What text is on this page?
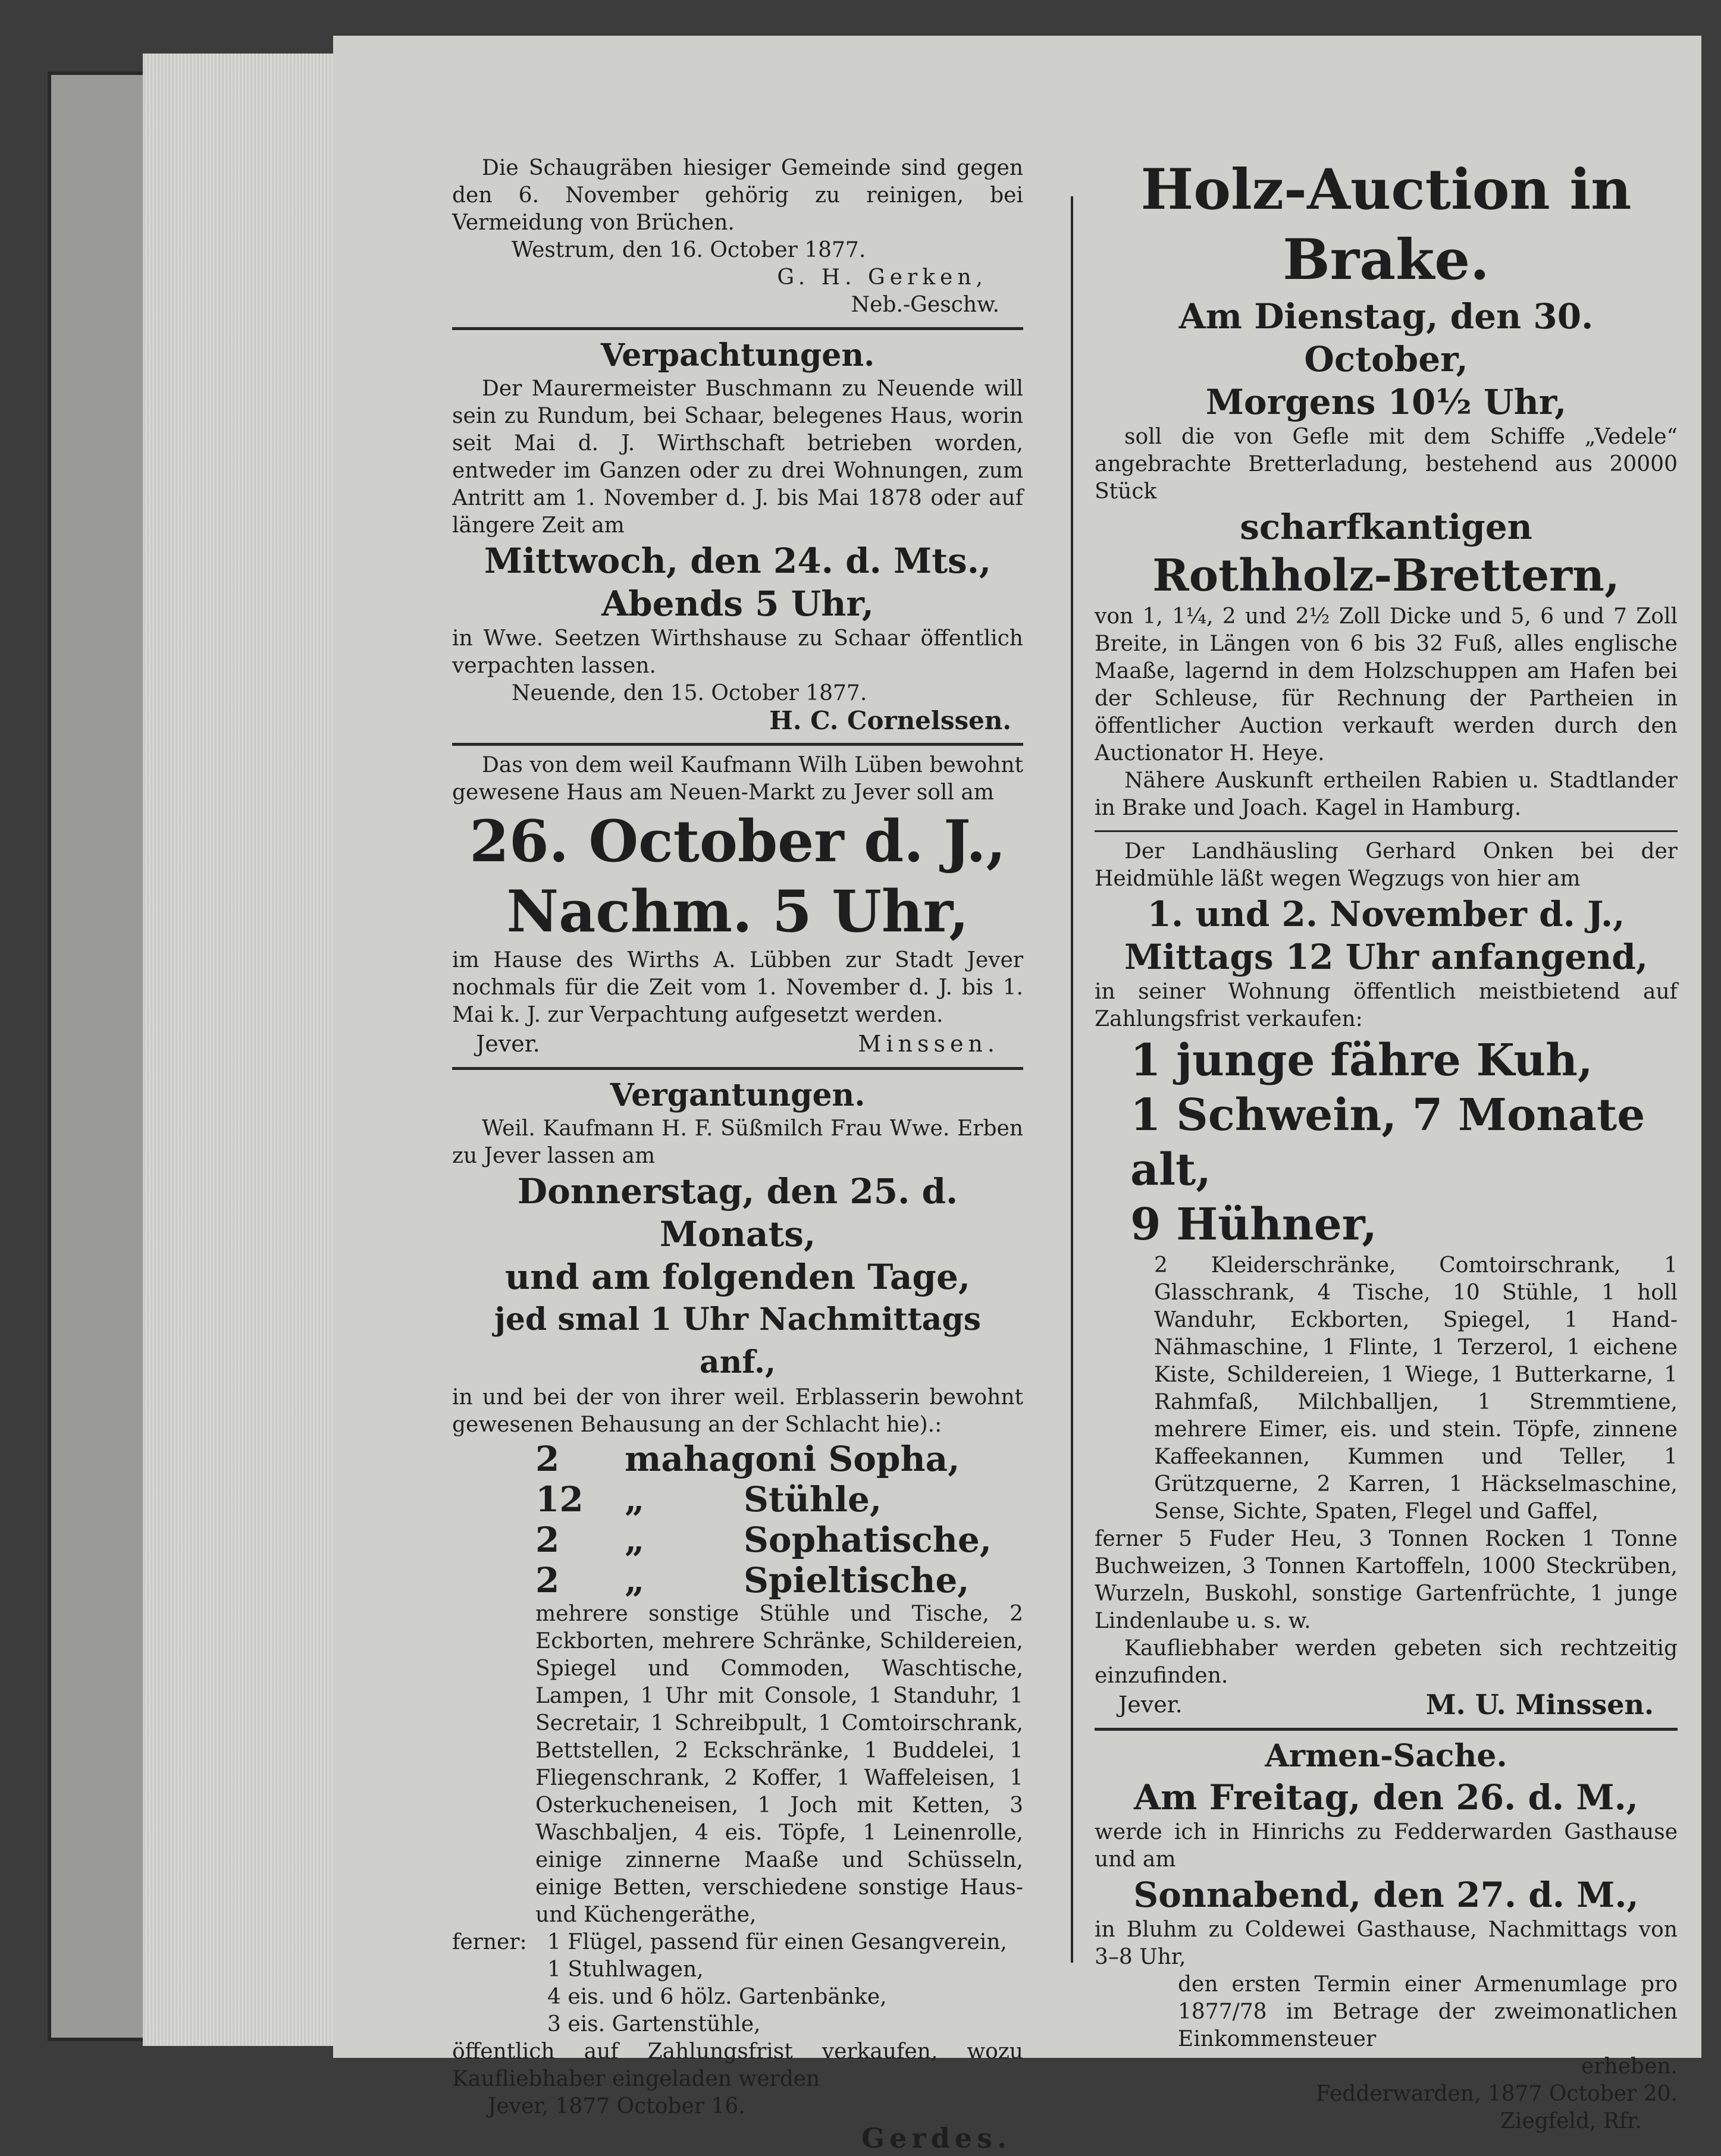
Die Schaugräben hiesiger Gemeinde sind gegen den 6. November gehörig zu reinigen, bei Vermeidung von Brüchen.

Westrum, den 16. October 1877.

G. H. Gerken,

Neb.-Geschw.

Verpachtungen.

Der Maurermeister Buschmann zu Neuende will sein zu Rundum, bei Schaar, belegenes Haus, worin seit Mai d. J. Wirthschaft betrieben worden, entweder im Ganzen oder zu drei Wohnungen, zum Antritt am 1. November d. J. bis Mai 1878 oder auf längere Zeit am

Mittwoch, den 24. d. Mts.,

Abends 5 Uhr,

in Wwe. Seetzen Wirthshause zu Schaar öffentlich verpachten lassen.

Neuende, den 15. October 1877.

H. C. Cornelssen.

Das von dem weil Kaufmann Wilh Lüben bewohnt gewesene Haus am Neuen-Markt zu Jever soll am

26. October d. J.,

Nachm. 5 Uhr,

im Hause des Wirths A. Lübben zur Stadt Jever nochmals für die Zeit vom 1. November d. J. bis 1. Mai k. J. zur Verpachtung aufgesetzt werden.

Jever.	Minssen.

Vergantungen.

Weil. Kaufmann H. F. Süßmilch Frau Wwe. Erben zu Jever lassen am

Donnerstag, den 25. d. Monats,

und am folgenden Tage,

jed smal 1 Uhr Nachmittags anf.,

in und bei der von ihrer weil. Erblasserin bewohnt gewesenen Behausung an der Schlacht hie).:

2	mahagoni Sopha,
12	„	Stühle,
2	„	Sophatische,
2	„	Spieltische,

mehrere sonstige Stühle und Tische, 2 Eckborten, mehrere Schränke, Schildereien, Spiegel und Commoden, Waschtische, Lampen, 1 Uhr mit Console, 1 Standuhr, 1 Secretair, 1 Schreibpult, 1 Comtoirschrank, Bettstellen, 2 Eckschränke, 1 Buddelei, 1 Fliegenschrank, 2 Koffer, 1 Waffeleisen, 1 Osterkucheneisen, 1 Joch mit Ketten, 3 Waschbaljen, 4 eis. Töpfe, 1 Leinenrolle, einige zinnerne Maaße und Schüsseln, einige Betten, verschiedene sonstige Haus- und Küchengeräthe,

ferner: 1 Flügel, passend für einen Gesangverein,

1 Stuhlwagen,

4 eis. und 6 hölz. Gartenbänke,

3 eis. Gartenstühle,

öffentlich auf Zahlungsfrist verkaufen, wozu Kaufliebhaber eingeladen werden

Jever, 1877 October 16.

Gerdes.

Holz-Auction in Brake.

Am Dienstag, den 30. October,

Morgens 10½ Uhr,

soll die von Gefle mit dem Schiffe „Vedele“ angebrachte Bretterladung, bestehend aus 20000 Stück

scharfkantigen

Rothholz-Brettern,

von 1, 1¼, 2 und 2½ Zoll Dicke und 5, 6 und 7 Zoll Breite, in Längen von 6 bis 32 Fuß, alles englische Maaße, lagernd in dem Holzschuppen am Hafen bei der Schleuse, für Rechnung der Partheien in öffentlicher Auction verkauft werden durch den Auctionator H. Heye.

Nähere Auskunft ertheilen Rabien u. Stadtlander in Brake und Joach. Kagel in Hamburg.

Der Landhäusling Gerhard Onken bei der Heidmühle läßt wegen Wegzugs von hier am

1. und 2. November d. J.,

Mittags 12 Uhr anfangend,

in seiner Wohnung öffentlich meistbietend auf Zahlungsfrist verkaufen:

1 junge fähre Kuh,

1 Schwein, 7 Monate alt,

9 Hühner,

2 Kleiderschränke, Comtoirschrank, 1 Glasschrank, 4 Tische, 10 Stühle, 1 holl Wanduhr, Eckborten, Spiegel, 1 Hand-Nähmaschine, 1 Flinte, 1 Terzerol, 1 eichene Kiste, Schildereien, 1 Wiege, 1 Butterkarne, 1 Rahmfaß, Milchballjen, 1 Stremmtiene, mehrere Eimer, eis. und stein. Töpfe, zinnene Kaffeekannen, Kummen und Teller, 1 Grützquerne, 2 Karren, 1 Häckselmaschine, Sense, Sichte, Spaten, Flegel und Gaffel,

ferner 5 Fuder Heu, 3 Tonnen Rocken 1 Tonne Buchweizen, 3 Tonnen Kartoffeln, 1000 Steckrüben, Wurzeln, Buskohl, sonstige Gartenfrüchte, 1 junge Lindenlaube u. s. w.

Kaufliebhaber werden gebeten sich rechtzeitig einzufinden.

Jever.	M. U. Minssen.

Armen-Sache.

Am Freitag, den 26. d. M.,

werde ich in Hinrichs zu Fedderwarden Gasthause und am

Sonnabend, den 27. d. M.,

in Bluhm zu Coldewei Gasthause, Nachmittags von 3–8 Uhr,

den ersten Termin einer Armenumlage pro 1877/78 im Betrage der zweimonatlichen Einkommensteuer

erheben.

Fedderwarden, 1877 October 20.

Ziegfeld, Rfr.
